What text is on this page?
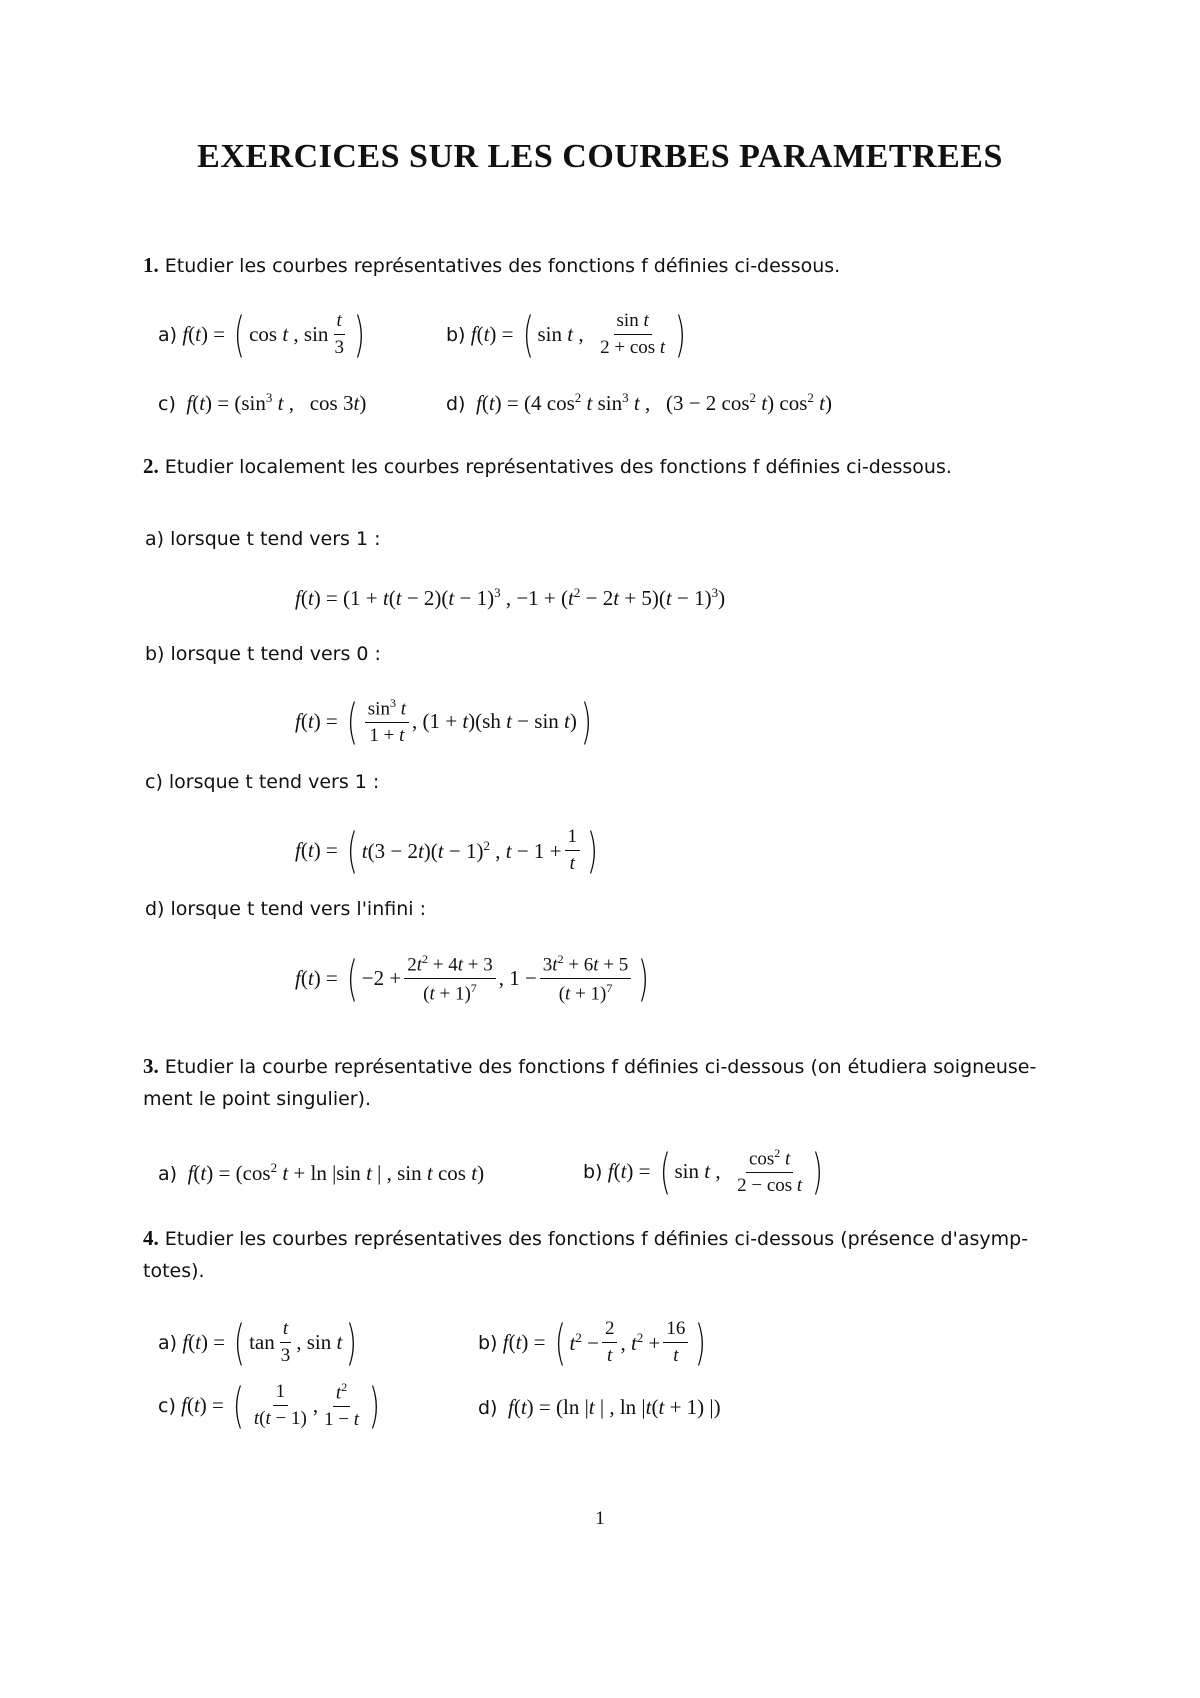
EXERCICES SUR LES COURBES PARAMETREES
1. Etudier les courbes représentatives des fonctions f définies ci-dessous.
a)
f(t) = ( cos t , $\sin \frac{t}{3}$ )	b)
f(t) = ( sin t , $\frac{\text{sin t}}{\text{2 + cos t}}$ )
c) $f(t) = (\sin^3$ t ,   cos 3t)	d) f(t) = (4 $\cos^2 t$ $\sin^3 t$ ,   (3 − 2 $\cos^2 t$) $\cos^2 t$)
2. Etudier localement les courbes représentatives des fonctions f définies ci-dessous.
a) lorsque t tend vers 1 :
$f(t) = (1 + t(t - 2)(t - 1)^3$ , $-1 + (t^2 - 2t + 5)(t - 1)^3$)
b) lorsque t tend vers 0 :
f(t) = ( $\frac{\sin^3 t}{1 + t}$ , (1 + t)(sh t − sin t) )
c) lorsque t tend vers 1 :
f(t) = ( $t(3 - 2t)(t - 1)^2$ , $t - 1 + \frac{1}{t}$ )
d) lorsque t tend vers l'infini :
f(t) = ( $-2 + \frac{2t^2 + 4t + 3}{(t + 1)^7}$ , $1 - \frac{3t^2 + 6t + 5}{(t + 1)^7}$ )
3. Etudier la courbe représentative des fonctions f définies ci-dessous (on étudiera soigneuse-ment le point singulier).
a) $f(t) = (\cos^2$ t + ln |sin t | , sin t cos t)	b)
f(t) = ( sin t , $\frac{\cos^2 t}{\text{2 − cos t}}$ )
4. Etudier les courbes représentatives des fonctions f définies ci-dessous (présence d'asymp-totes).
a)
f(t) = ( $\tan \frac{t}{3}$ , sin t )	b)
f(t) = ( $t^2 - \frac{2}{t}$ , $t^2 + \frac{16}{t}$ )
c)
f(t) = ( $\frac{1}{t(t - 1)}$ , $\frac{t^2}{1 - t}$ )	d) f(t) = (ln |t | , ln |t(t + 1) |)
1
